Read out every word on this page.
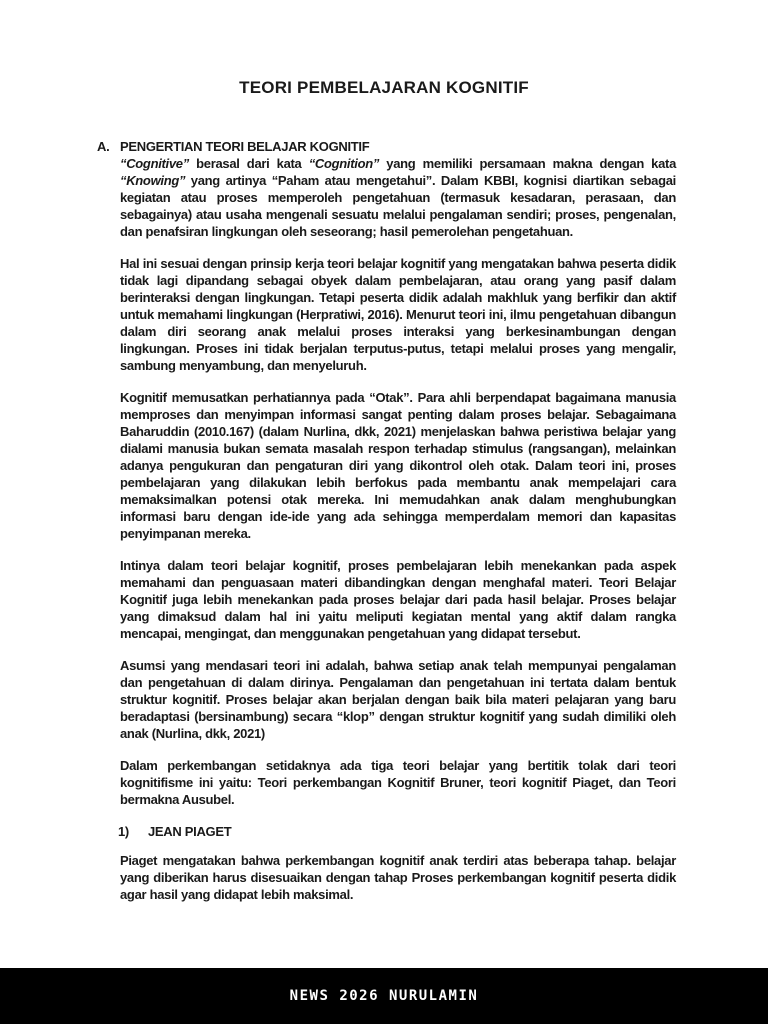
TEORI PEMBELAJARAN KOGNITIF
A. PENGERTIAN TEORI BELAJAR KOGNITIF

“Cognitive” berasal dari kata “Cognition” yang memiliki persamaan makna dengan kata “Knowing” yang artinya “Paham atau mengetahui”. Dalam KBBI, kognisi diartikan sebagai kegiatan atau proses memperoleh pengetahuan (termasuk kesadaran, perasaan, dan sebagainya) atau usaha mengenali sesuatu melalui pengalaman sendiri; proses, pengenalan, dan penafsiran lingkungan oleh seseorang; hasil pemerolehan pengetahuan.

Hal ini sesuai dengan prinsip kerja teori belajar kognitif yang mengatakan bahwa peserta didik tidak lagi dipandang sebagai obyek dalam pembelajaran, atau orang yang pasif dalam berinteraksi dengan lingkungan. Tetapi peserta didik adalah makhluk yang berfikir dan aktif untuk memahami lingkungan (Herpratiwi, 2016). Menurut teori ini, ilmu pengetahuan dibangun dalam diri seorang anak melalui proses interaksi yang berkesinambungan dengan lingkungan. Proses ini tidak berjalan terputus-putus, tetapi melalui proses yang mengalir, sambung menyambung, dan menyeluruh.

Kognitif memusatkan perhatiannya pada “Otak”. Para ahli berpendapat bagaimana manusia memproses dan menyimpan informasi sangat penting dalam proses belajar. Sebagaimana Baharuddin (2010.167) (dalam Nurlina, dkk, 2021) menjelaskan bahwa peristiwa belajar yang dialami manusia bukan semata masalah respon terhadap stimulus (rangsangan), melainkan adanya pengukuran dan pengaturan diri yang dikontrol oleh otak. Dalam teori ini, proses pembelajaran yang dilakukan lebih berfokus pada membantu anak mempelajari cara memaksimalkan potensi otak mereka. Ini memudahkan anak dalam menghubungkan informasi baru dengan ide-ide yang ada sehingga memperdalam memori dan kapasitas penyimpanan mereka.

Intinya dalam teori belajar kognitif, proses pembelajaran lebih menekankan pada aspek memahami dan penguasaan materi dibandingkan dengan menghafal materi. Teori Belajar Kognitif juga lebih menekankan pada proses belajar dari pada hasil belajar. Proses belajar yang dimaksud dalam hal ini yaitu meliputi kegiatan mental yang aktif dalam rangka mencapai, mengingat, dan menggunakan pengetahuan yang didapat tersebut.

Asumsi yang mendasari teori ini adalah, bahwa setiap anak telah mempunyai pengalaman dan pengetahuan di dalam dirinya. Pengalaman dan pengetahuan ini tertata dalam bentuk struktur kognitif. Proses belajar akan berjalan dengan baik bila materi pelajaran yang baru beradaptasi (bersinambung) secara “klop” dengan struktur kognitif yang sudah dimiliki oleh anak (Nurlina, dkk, 2021)

Dalam perkembangan setidaknya ada tiga teori belajar yang bertitik tolak dari teori kognitifisme ini yaitu: Teori perkembangan Kognitif Bruner, teori kognitif Piaget, dan Teori bermakna Ausubel.

1)	JEAN PIAGET

Piaget mengatakan bahwa perkembangan kognitif anak terdiri atas beberapa tahap. belajar yang diberikan harus disesuaikan dengan tahap Proses perkembangan kognitif peserta didik agar hasil yang didapat lebih maksimal.

NEWS 2026 NURULAMIN
